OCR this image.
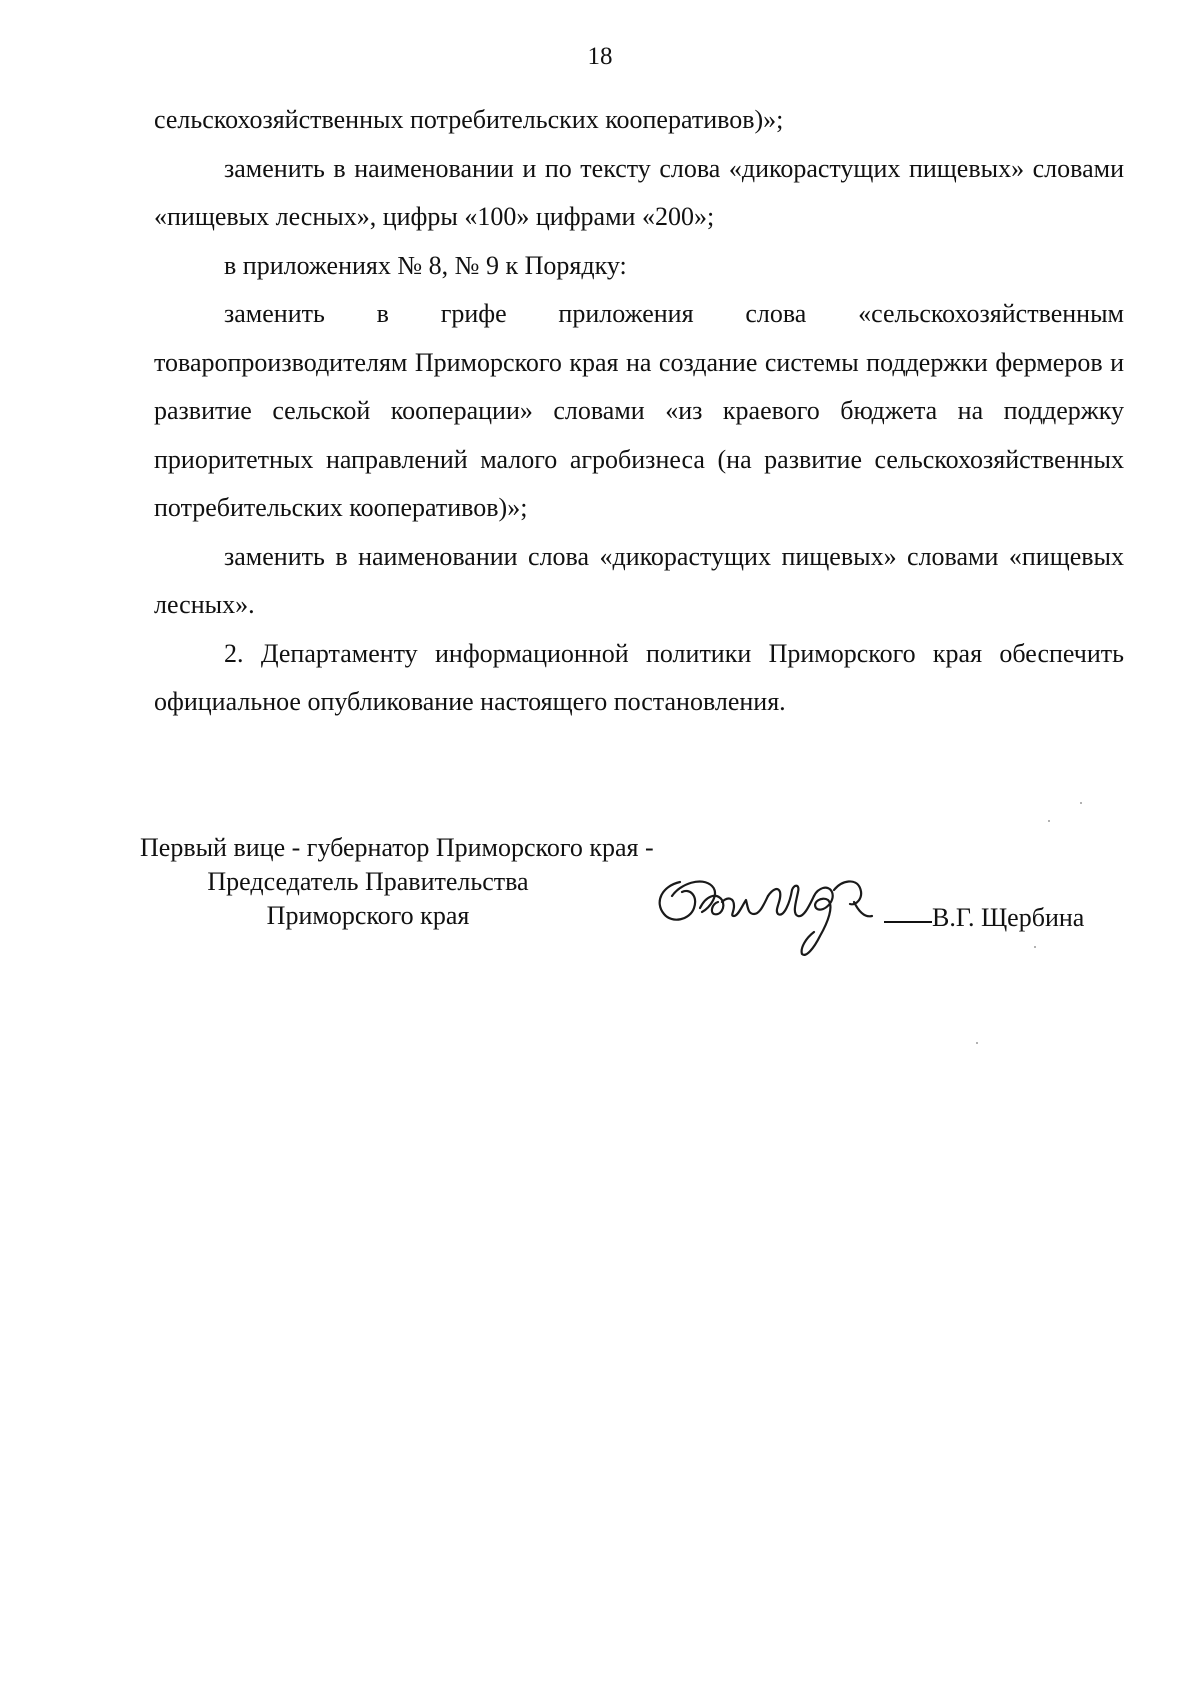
18

сельскохозяйственных потребительских кооперативов)»;

заменить в наименовании и по тексту слова «дикорастущих пищевых» словами «пищевых лесных», цифры «100» цифрами «200»;

в приложениях № 8, № 9 к Порядку:

заменить в грифе приложения слова «сельскохозяйственным товаропроизводителям Приморского края на создание системы поддержки фермеров и развитие сельской кооперации» словами «из краевого бюджета на поддержку приоритетных направлений малого агробизнеса (на развитие сельскохозяйственных потребительских кооперативов)»;

заменить в наименовании слова «дикорастущих пищевых» словами «пищевых лесных».

2. Департаменту информационной политики Приморского края обеспечить официальное опубликование настоящего постановления.

Первый вице - губернатор Приморского края -
Председатель Правительства
Приморского края	В.Г. Щербина
